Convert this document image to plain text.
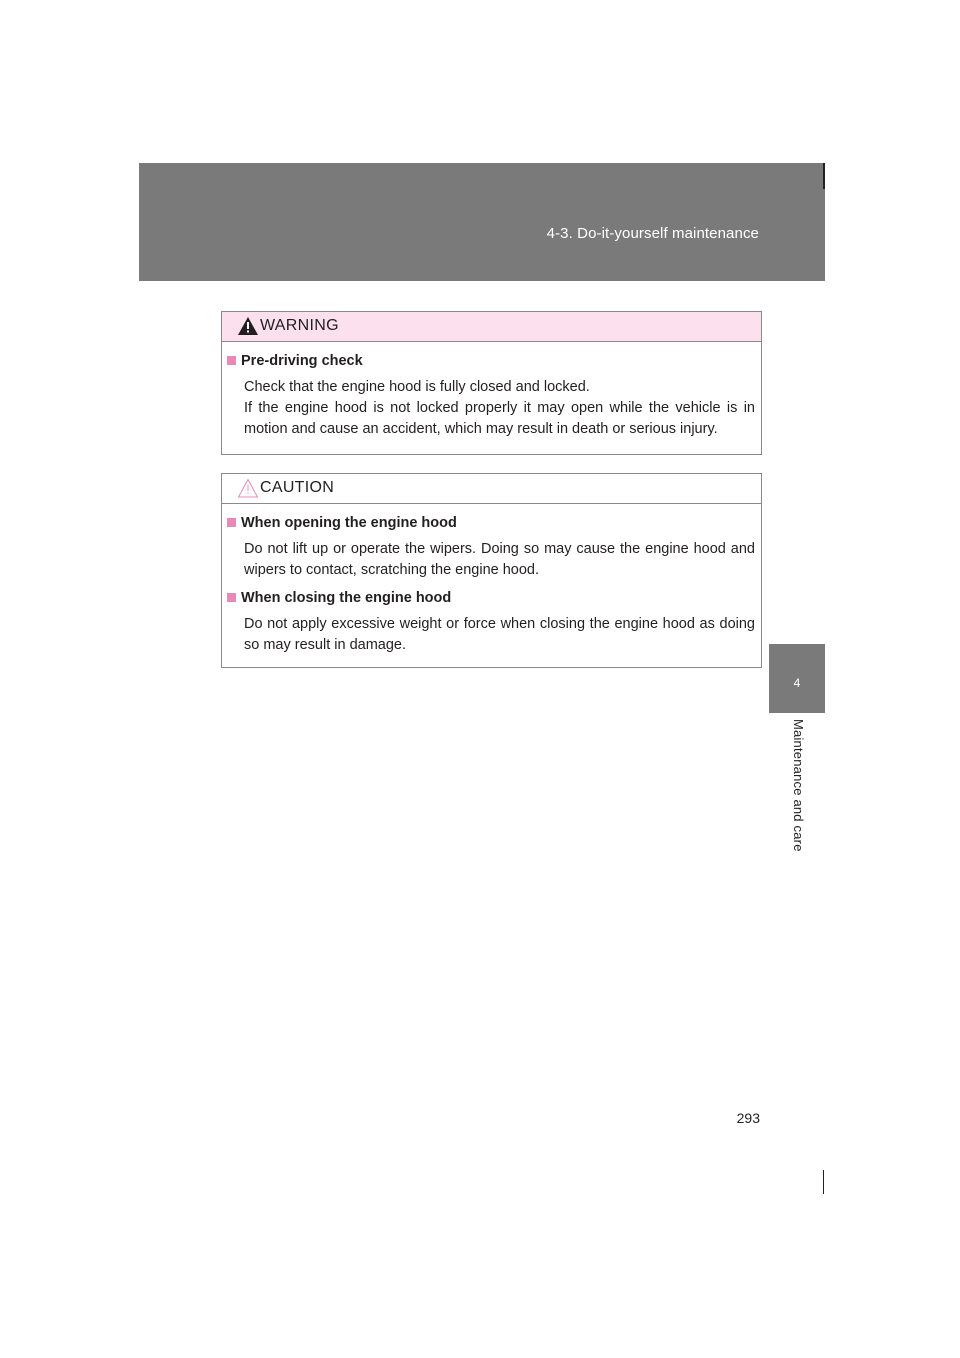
4-3. Do-it-yourself maintenance
4
Maintenance and care
WARNING
Pre-driving check

Check that the engine hood is fully closed and locked.

If the engine hood is not locked properly it may open while the vehicle is in motion and cause an accident, which may result in death or serious injury.

CAUTION
When opening the engine hood

Do not lift up or operate the wipers. Doing so may cause the engine hood and wipers to contact, scratching the engine hood.

When closing the engine hood

Do not apply excessive weight or force when closing the engine hood as doing so may result in damage.

293
